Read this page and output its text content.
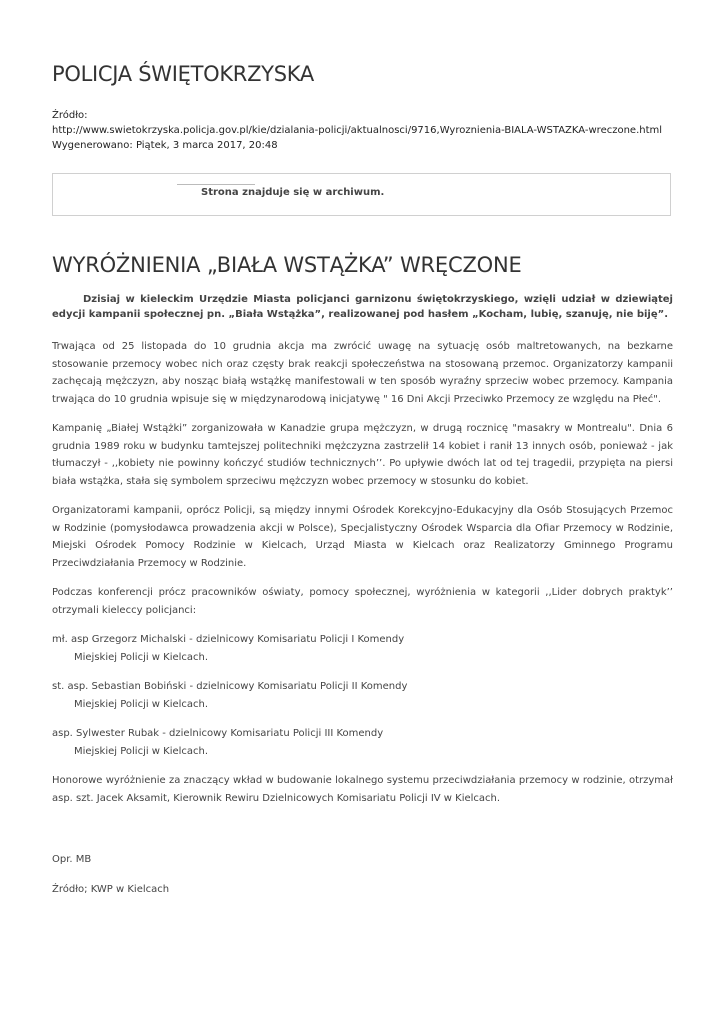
POLICJA ŚWIĘTOKRZYSKA
Źródło:
http://www.swietokrzyska.policja.gov.pl/kie/dzialania-policji/aktualnosci/9716,Wyroznienia-BIALA-WSTAZKA-wreczone.html
Wygenerowano: Piątek, 3 marca 2017, 20:48
Strona znajduje się w archiwum.
WYRÓŻNIENIA „BIAŁA WSTĄŻKA” WRĘCZONE
Dzisiaj w kieleckim Urzędzie Miasta policjanci garnizonu świętokrzyskiego, wzięli udział w dziewiątej edycji kampanii społecznej pn. „Biała Wstążka”, realizowanej pod hasłem „Kocham, lubię, szanuję, nie biję”.

Trwająca od 25 listopada do 10 grudnia akcja ma zwrócić uwagę na sytuację osób maltretowanych, na bezkarne stosowanie przemocy wobec nich oraz częsty brak reakcji społeczeństwa na stosowaną przemoc. Organizatorzy kampanii zachęcają mężczyzn, aby nosząc białą wstążkę manifestowali w ten sposób wyraźny sprzeciw wobec przemocy. Kampania trwająca do 10 grudnia wpisuje się w międzynarodową inicjatywę " 16 Dni Akcji Przeciwko Przemocy ze względu na Płeć".

Kampanię „Białej Wstążki” zorganizowała w Kanadzie grupa mężczyzn, w drugą rocznicę "masakry w Montrealu". Dnia 6 grudnia 1989 roku w budynku tamtejszej politechniki mężczyzna zastrzelił 14 kobiet i ranił 13 innych osób, ponieważ - jak tłumaczył - ,,kobiety nie powinny kończyć studiów technicznych’’. Po upływie dwóch lat od tej tragedii, przypięta na piersi biała wstążka, stała się symbolem sprzeciwu mężczyzn wobec przemocy w stosunku do kobiet.

Organizatorami kampanii, oprócz Policji, są między innymi Ośrodek Korekcyjno-Edukacyjny dla Osób Stosujących Przemoc w Rodzinie (pomysłodawca prowadzenia akcji w Polsce), Specjalistyczny Ośrodek Wsparcia dla Ofiar Przemocy w Rodzinie, Miejski Ośrodek Pomocy Rodzinie w Kielcach, Urząd Miasta w Kielcach oraz Realizatorzy Gminnego Programu Przeciwdziałania Przemocy w Rodzinie.

Podczas konferencji prócz pracowników oświaty, pomocy społecznej, wyróżnienia w kategorii ,,Lider dobrych praktyk’’ otrzymali kieleccy policjanci:

mł. asp Grzegorz Michalski - dzielnicowy Komisariatu Policji I Komendy
Miejskiej Policji w Kielcach.

st. asp. Sebastian Bobiński - dzielnicowy Komisariatu Policji II Komendy
Miejskiej Policji w Kielcach.

asp. Sylwester Rubak - dzielnicowy Komisariatu Policji III Komendy
Miejskiej Policji w Kielcach.

Honorowe wyróżnienie za znaczący wkład w budowanie lokalnego systemu przeciwdziałania przemocy w rodzinie, otrzymał asp. szt. Jacek Aksamit, Kierownik Rewiru Dzielnicowych Komisariatu Policji IV w Kielcach.

Opr. MB
Źródło; KWP w Kielcach
